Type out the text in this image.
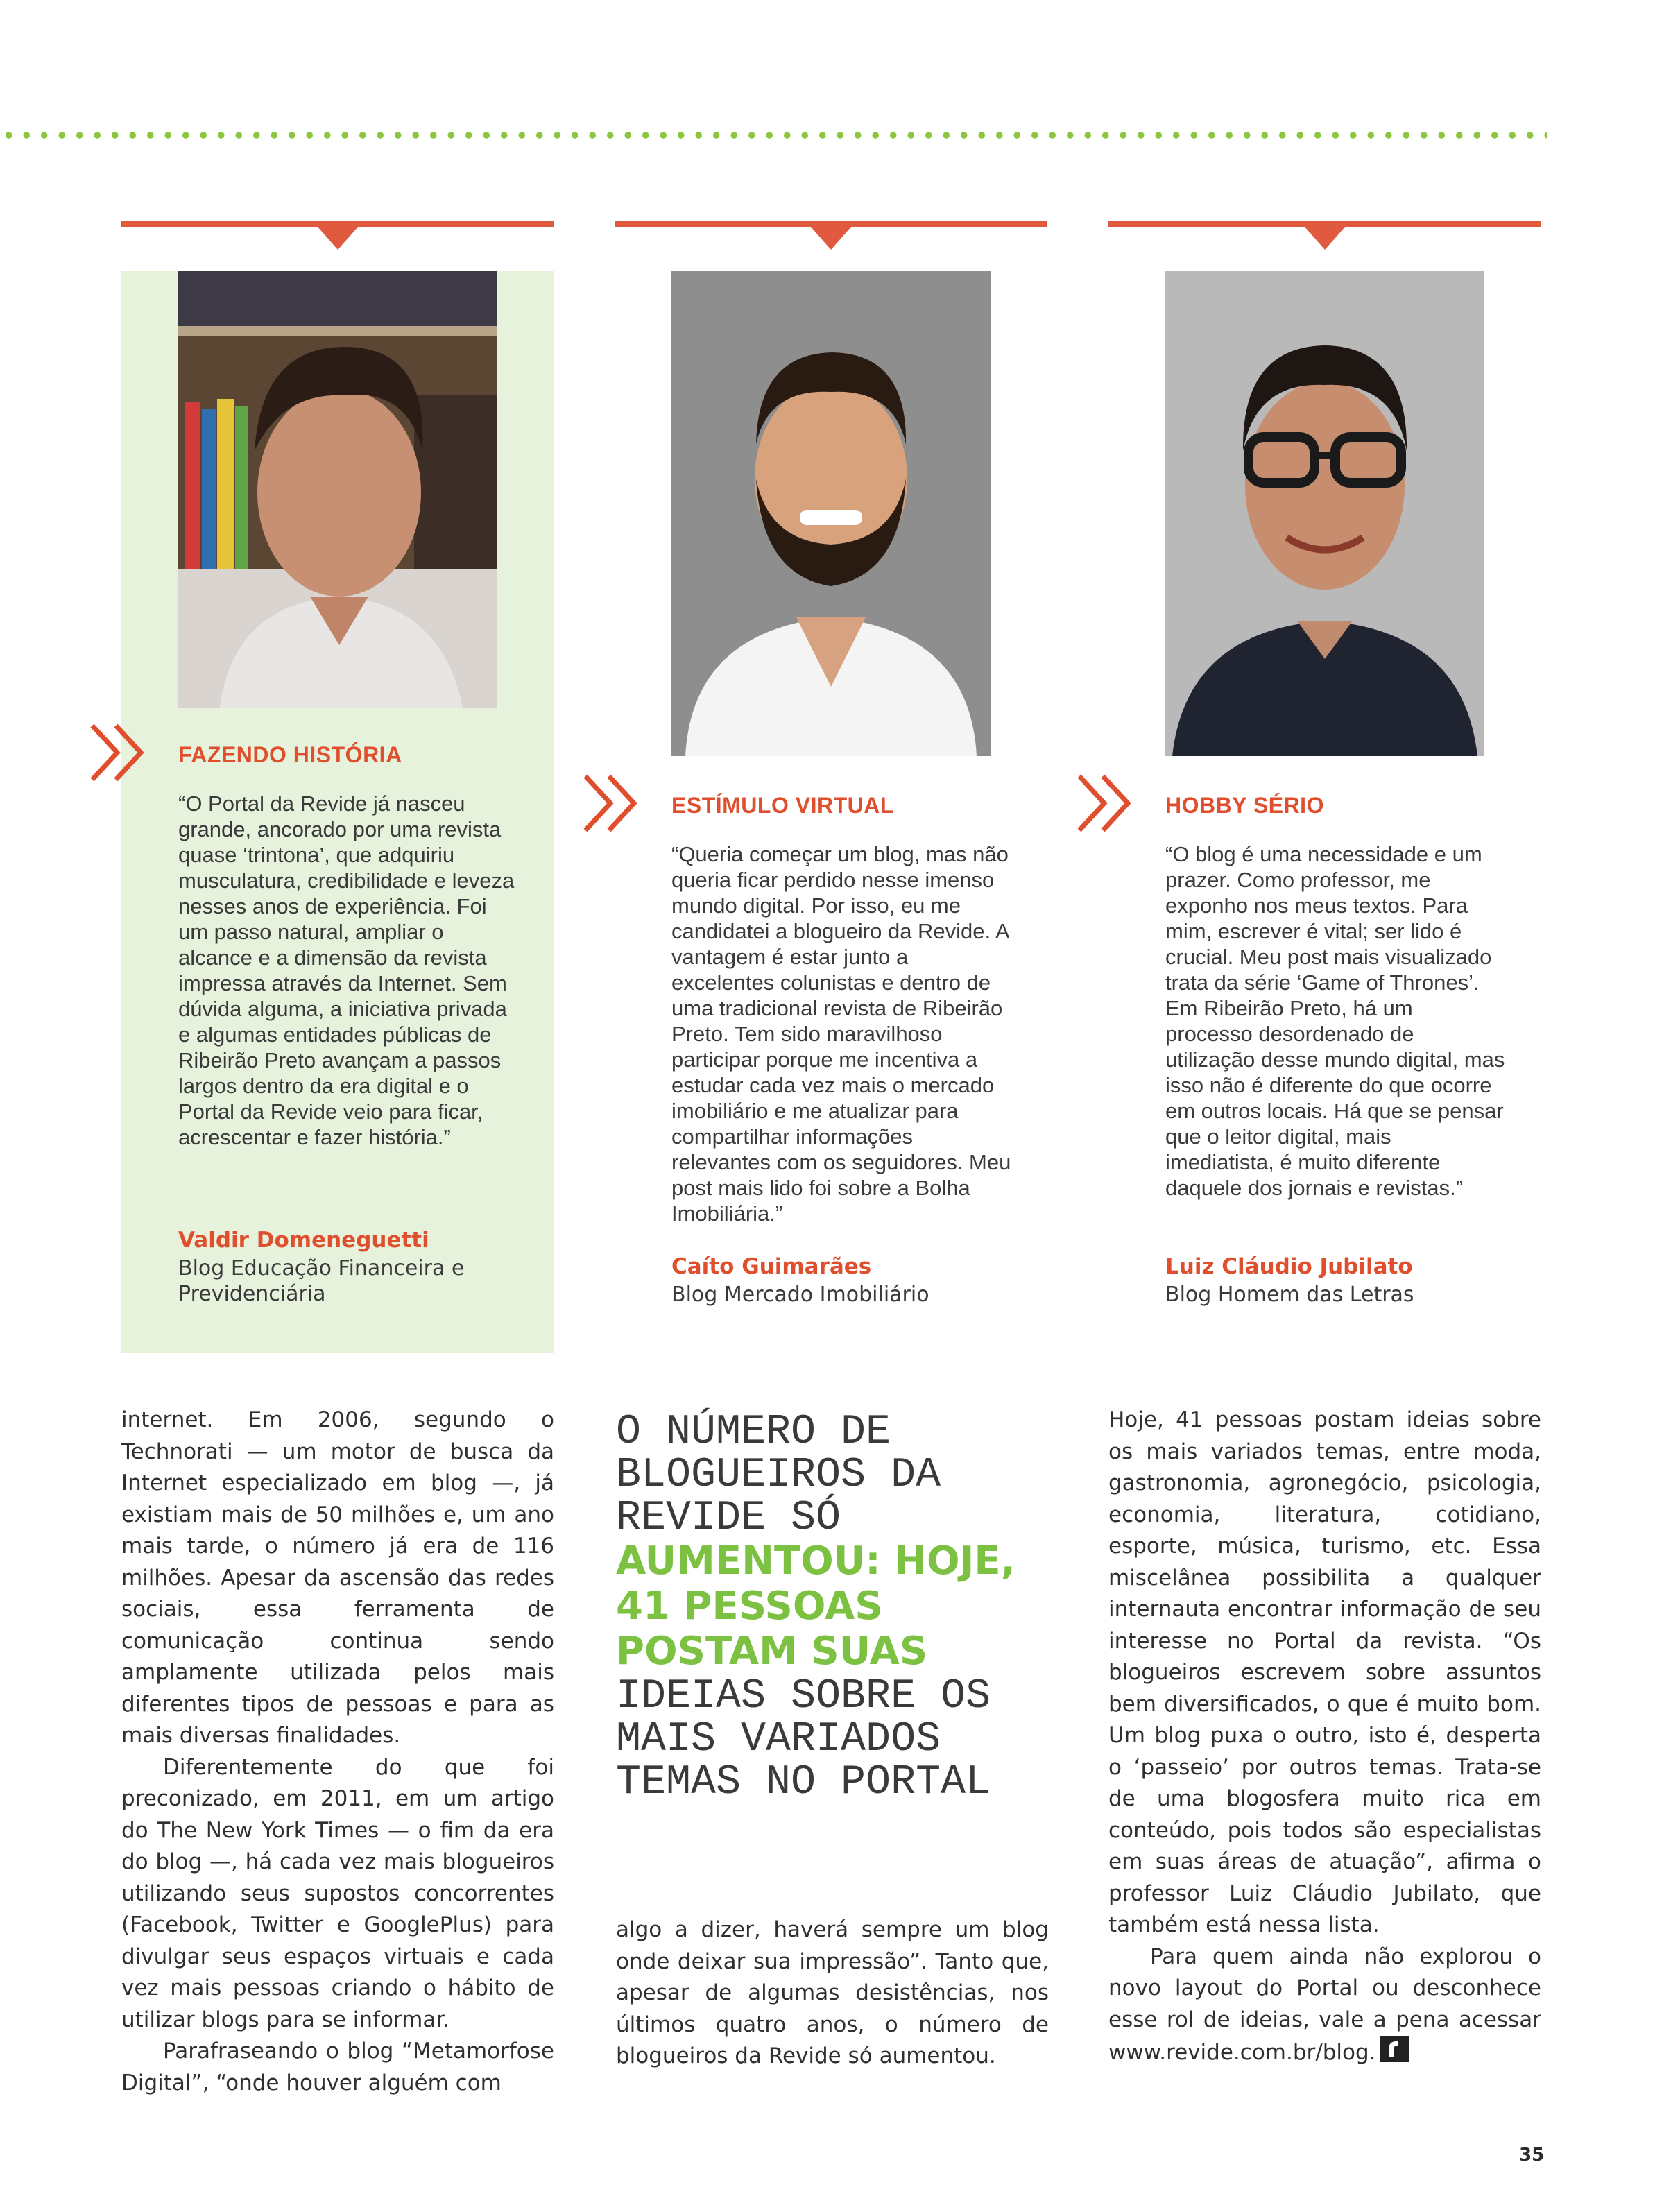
FAZENDO HISTÓRIA
“O Portal da Revide já nasceu grande, ancorado por uma revista quase ‘trintona’, que adquiriu musculatura, credibilidade e leveza nesses anos de experiência. Foi um passo natural, ampliar o alcance e a dimensão da revista impressa através da Internet. Sem dúvida alguma, a iniciativa privada e algumas entidades públicas de Ribeirão Preto avançam a passos largos dentro da era digital e o Portal da Revide veio para ficar, acrescentar e fazer história.”
Valdir Domeneguetti
Blog Educação Financeira e Previdenciária
ESTÍMULO VIRTUAL
“Queria começar um blog, mas não queria ficar perdido nesse imenso mundo digital. Por isso, eu me candidatei a blogueiro da Revide. A vantagem é estar junto a excelentes colunistas e dentro de uma tradicional revista de Ribeirão Preto. Tem sido maravilhoso participar porque me incentiva a estudar cada vez mais o mercado imobiliário e me atualizar para compartilhar informações relevantes com os seguidores. Meu post mais lido foi sobre a Bolha Imobiliária.”
Caíto Guimarães
Blog Mercado Imobiliário
HOBBY SÉRIO
“O blog é uma necessidade e um prazer. Como professor, me exponho nos meus textos. Para mim, escrever é vital; ser lido é crucial. Meu post mais visualizado trata da série ‘Game of Thrones’. Em Ribeirão Preto, há um processo desordenado de utilização desse mundo digital, mas isso não é diferente do que ocorre em outros locais. Há que se pensar que o leitor digital, mais imediatista, é muito diferente daquele dos jornais e revistas.”
Luiz Cláudio Jubilato
Blog Homem das Letras

internet. Em 2006, segundo o Technorati — um motor de busca da Internet especializado em blog —, já existiam mais de 50 milhões e, um ano mais tarde, o número já era de 116 milhões. Apesar da ascensão das redes sociais, essa ferramenta de comunicação continua sendo amplamente utilizada pelos mais diferentes tipos de pessoas e para as mais diversas finalidades.

Diferentemente do que foi preconizado, em 2011, em um artigo do The New York Times — o fim da era do blog —, há cada vez mais blogueiros utilizando seus supostos concorrentes (Facebook, Twitter e GooglePlus) para divulgar seus espaços virtuais e cada vez mais pessoas criando o hábito de utilizar blogs para se informar.

Parafraseando o blog “Metamorfose Digital”, “onde houver alguém com

O NÚMERO DE BLOGUEIROS DA REVIDE SÓ AUMENTOU: HOJE, 41 PESSOAS POSTAM SUAS IDEIAS SOBRE OS MAIS VARIADOS TEMAS NO PORTAL

algo a dizer, haverá sempre um blog onde deixar sua impressão”. Tanto que, apesar de algumas desistências, nos últimos quatro anos, o número de blogueiros da Revide só aumentou.

Hoje, 41 pessoas postam ideias sobre os mais variados temas, entre moda, gastronomia, agronegócio, psicologia, economia, literatura, cotidiano, esporte, música, turismo, etc. Essa miscelânea possibilita a qualquer internauta encontrar informação de seu interesse no Portal da revista. “Os blogueiros escrevem sobre assuntos bem diversificados, o que é muito bom. Um blog puxa o outro, isto é, desperta o ‘passeio’ por outros temas. Trata-se de uma blogosfera muito rica em conteúdo, pois todos são especialistas em suas áreas de atuação”, afirma o professor Luiz Cláudio Jubilato, que também está nessa lista.

Para quem ainda não explorou o novo layout do Portal ou desconhece esse rol de ideias, vale a pena acessar www.revide.com.br/blog.

35
